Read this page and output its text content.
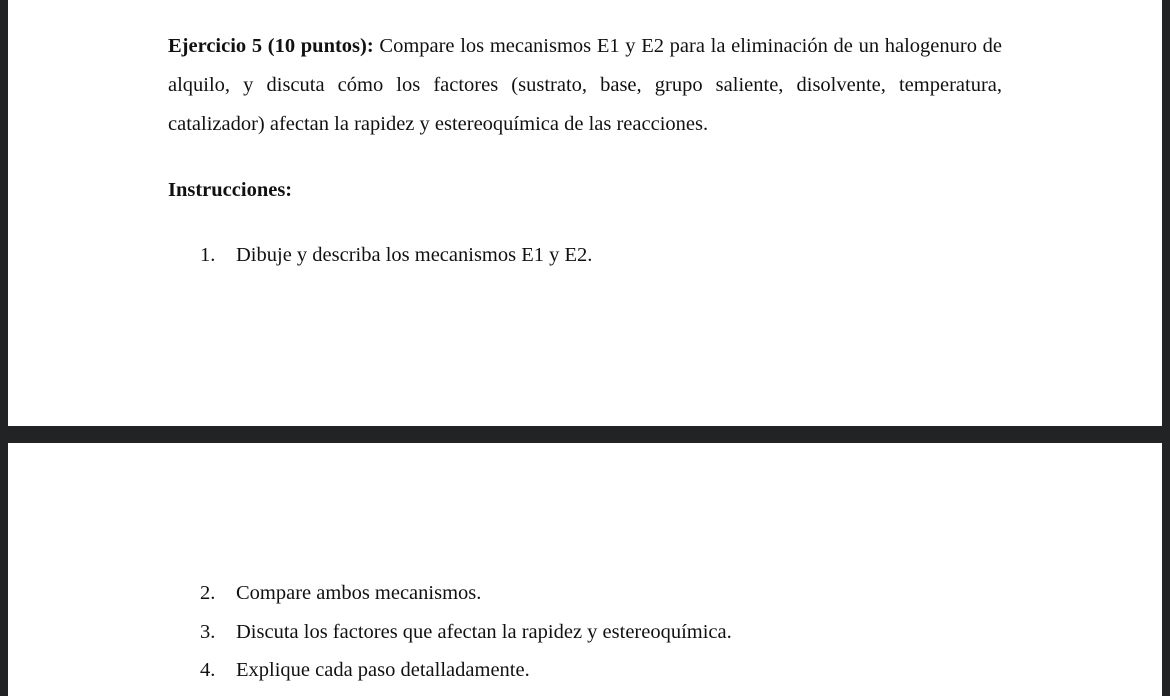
Ejercicio 5 (10 puntos): Compare los mecanismos E1 y E2 para la eliminación de un halogenuro de alquilo, y discuta cómo los factores (sustrato, base, grupo saliente, disolvente, temperatura, catalizador) afectan la rapidez y estereoquímica de las reacciones.
Instrucciones:
1. Dibuje y describa los mecanismos E1 y E2.
2. Compare ambos mecanismos.
3. Discuta los factores que afectan la rapidez y estereoquímica.
4. Explique cada paso detalladamente.
